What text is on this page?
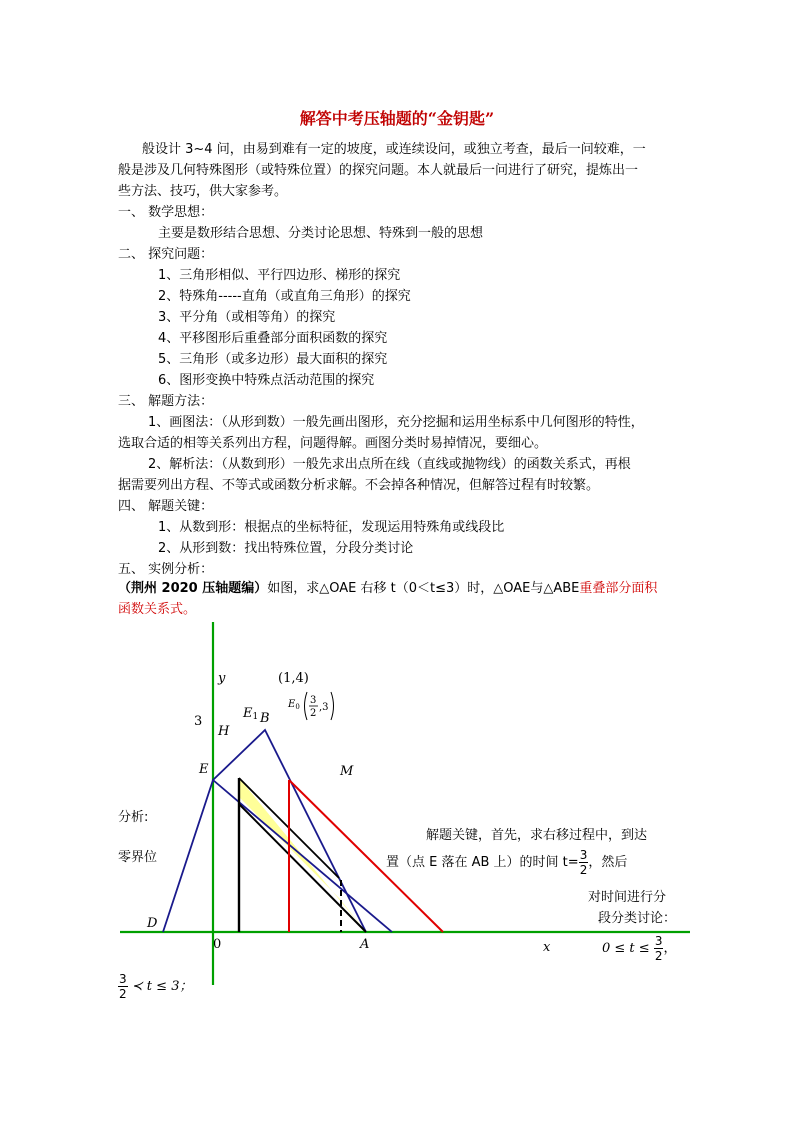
解答中考压轴题的“金钥匙”
般设计 3~4 问，由易到难有一定的坡度，或连续设问，或独立考查，最后一问较难，一
般是涉及几何特殊图形（或特殊位置）的探究问题。本人就最后一问进行了研究，提炼出一
些方法、技巧，供大家参考。
一、 数学思想：
主要是数形结合思想、分类讨论思想、特殊到一般的思想
二、 探究问题：
1、三角形相似、平行四边形、梯形的探究
2、特殊角-----直角（或直角三角形）的探究
3、平分角（或相等角）的探究
4、平移图形后重叠部分面积函数的探究
5、三角形（或多边形）最大面积的探究
6、图形变换中特殊点活动范围的探究
三、 解题方法：
1、画图法：（从形到数）一般先画出图形，充分挖掘和运用坐标系中几何图形的特性，
选取合适的相等关系列出方程，问题得解。画图分类时易掉情况，要细心。
2、解析法：（从数到形）一般先求出点所在线（直线或抛物线）的函数关系式，再根
据需要列出方程、不等式或函数分析求解。不会掉各种情况，但解答过程有时较繁。
四、 解题关键：
1、从数到形：根据点的坐标特征，发现运用特殊角或线段比
2、从形到数：找出特殊位置，分段分类讨论
五、 实例分析：
（荆州 2020 压轴题编）如图，求△OAE 右移 t（0＜t≤3）时，△OAE与△ABE重叠部分面积
函数关系式。
y
x
0
3
H
E1 B
(1,4)
$E_0$
3
2
,3
E	M
D
A
分析:
零界位
解题关键，首先，求右移过程中，到达
置（点 E 落在 AB 上）的时间 $t= \frac{3}{2}$ ，然后
对时间进行分
段分类讨论：
$0 \le t \le \frac{3}{2}$ ，
$\frac{3}{2}$ ≺ t ≤ 3；
